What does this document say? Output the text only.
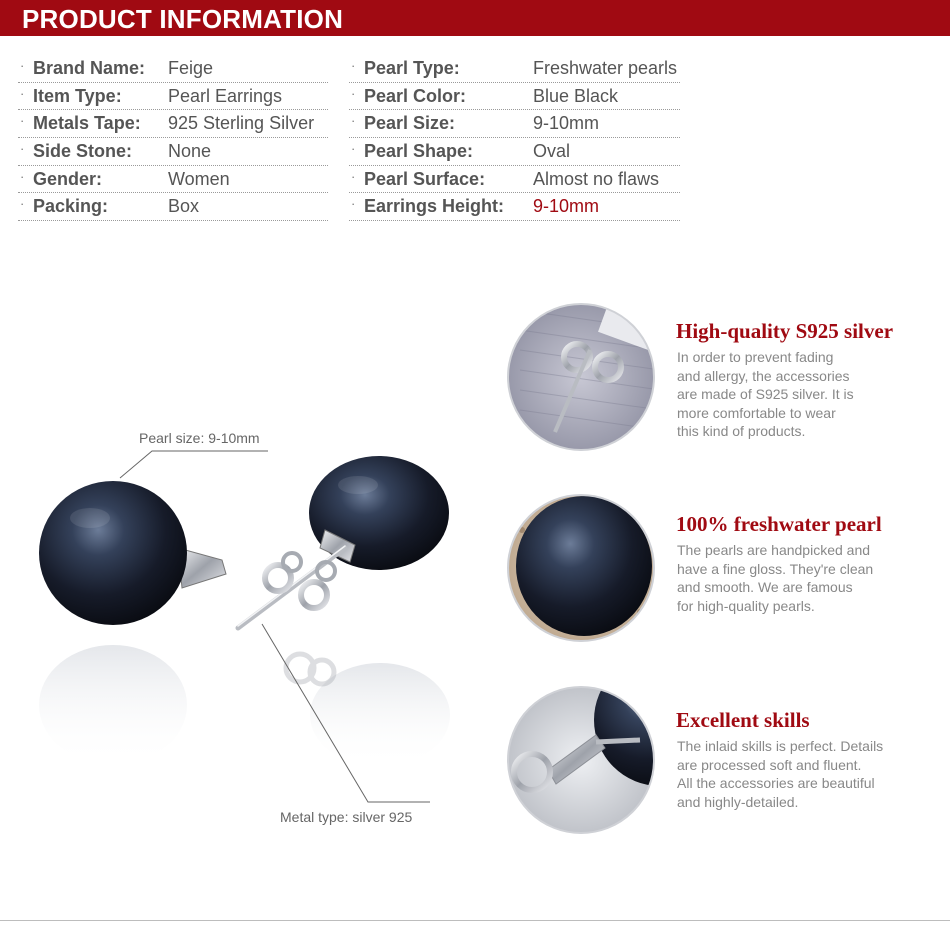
PRODUCT INFORMATION
· Brand Name: Feige
· Item Type:	Pearl Earrings
· Metals Tape: 925 Sterling Silver
· Side Stone: None
· Gender:	Women
· Packing:	Box
· Pearl Type:	Freshwater pearls
· Pearl Color:	Blue Black
· Pearl Size:	9-10mm
· Pearl Shape:	Oval
· Pearl Surface:	Almost no flaws
· Earrings Height: 9-10mm
Pearl size: 9-10mm
Metal type: silver 925
High-quality S925 silver
In order to prevent fading
and allergy, the accessories
are made of S925 silver. It is
more comfortable to wear
this kind of products.
100% freshwater pearl
The pearls are handpicked and
have a fine gloss. They're clean
and smooth. We are famous
for high-quality pearls.
Excellent skills
The inlaid skills is perfect. Details
are processed soft and fluent.
All the accessories are beautiful
and highly-detailed.
